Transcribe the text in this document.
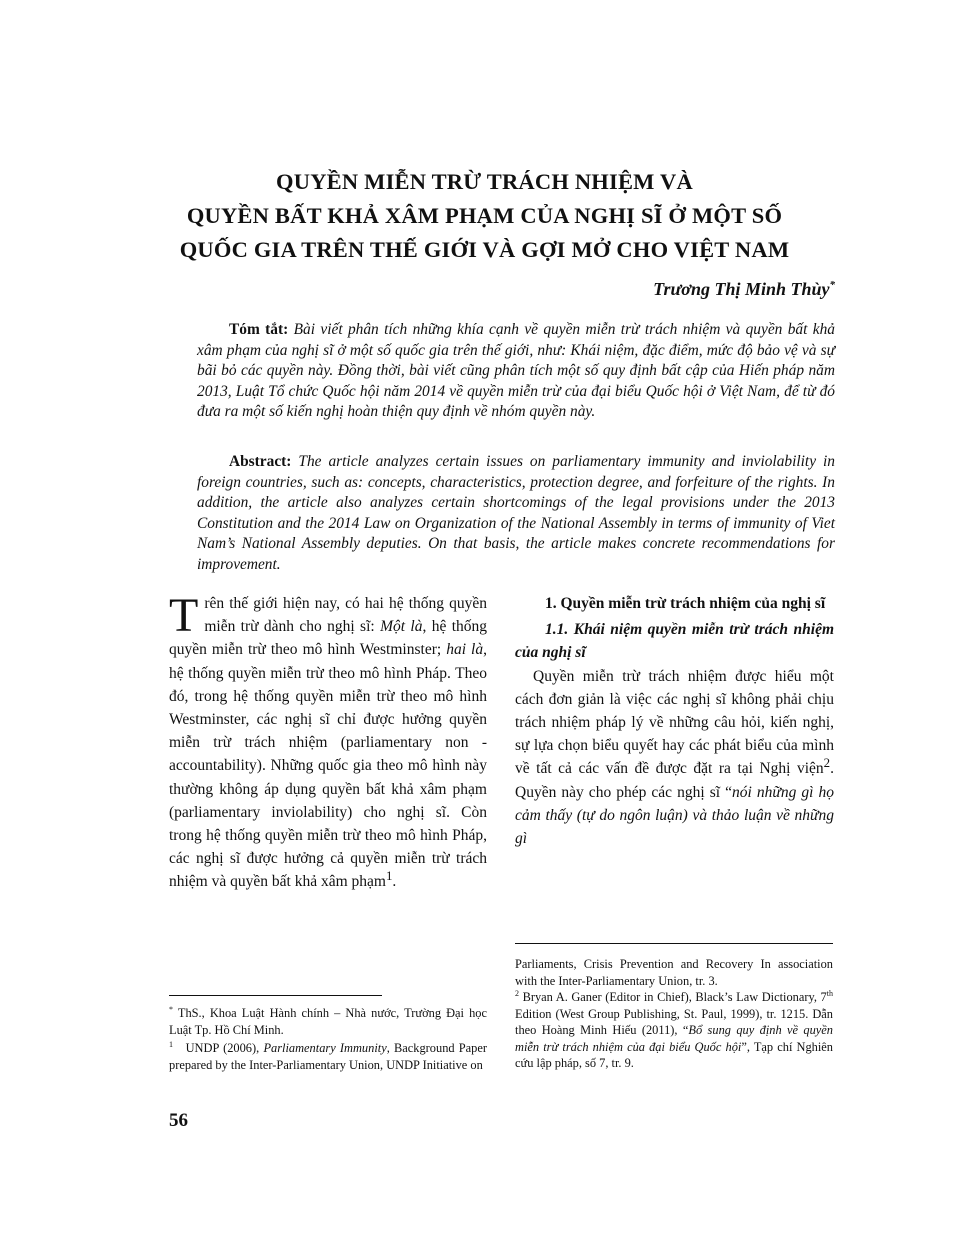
QUYỀN MIỄN TRỪ TRÁCH NHIỆM VÀ
QUYỀN BẤT KHẢ XÂM PHẠM CỦA NGHỊ SĨ Ở MỘT SỐ
QUỐC GIA TRÊN THẾ GIỚI VÀ GỢI MỞ CHO VIỆT NAM
Trương Thị Minh Thùy*

Tóm tắt: Bài viết phân tích những khía cạnh về quyền miễn trừ trách nhiệm và quyền bất khả xâm phạm của nghị sĩ ở một số quốc gia trên thế giới, như: Khái niệm, đặc điểm, mức độ bảo vệ và sự bãi bỏ các quyền này. Đồng thời, bài viết cũng phân tích một số quy định bất cập của Hiến pháp năm 2013, Luật Tổ chức Quốc hội năm 2014 về quyền miễn trừ của đại biểu Quốc hội ở Việt Nam, để từ đó đưa ra một số kiến nghị hoàn thiện quy định về nhóm quyền này.

Abstract: The article analyzes certain issues on parliamentary immunity and inviolability in foreign countries, such as: concepts, characteristics, protection degree, and forfeiture of the rights. In addition, the article also analyzes certain shortcomings of the legal provisions under the 2013 Constitution and the 2014 Law on Organization of the National Assembly in terms of immunity of Viet Nam’s National Assembly deputies. On that basis, the article makes concrete recommendations for improvement.

Trên thế giới hiện nay, có hai hệ thống quyền miễn trừ dành cho nghị sĩ: Một là, hệ thống quyền miễn trừ theo mô hình Westminster; hai là, hệ thống quyền miễn trừ theo mô hình Pháp. Theo đó, trong hệ thống quyền miễn trừ theo mô hình Westminster, các nghị sĩ chỉ được hưởng quyền miễn trừ trách nhiệm (parliamentary non - accountability). Những quốc gia theo mô hình này thường không áp dụng quyền bất khả xâm phạm (parliamentary inviolability) cho nghị sĩ. Còn trong hệ thống quyền miễn trừ theo mô hình Pháp, các nghị sĩ được hưởng cả quyền miễn trừ trách nhiệm và quyền bất khả xâm phạm$^1$.

1. Quyền miễn trừ trách nhiệm của nghị sĩ

1.1. Khái niệm quyền miễn trừ trách nhiệm của nghị sĩ

Quyền miễn trừ trách nhiệm được hiểu một cách đơn giản là việc các nghị sĩ không phải chịu trách nhiệm pháp lý về những câu hỏi, kiến nghị, sự lựa chọn biểu quyết hay các phát biểu của mình về tất cả các vấn đề được đặt ra tại Nghị viện$^2$. Quyền này cho phép các nghị sĩ “nói những gì họ cảm thấy (tự do ngôn luận) và thảo luận về những gì

* ThS., Khoa Luật Hành chính – Nhà nước, Trường Đại học Luật Tp. Hồ Chí Minh.

$^1$ UNDP (2006), Parliamentary Immunity, Background Paper prepared by the Inter-Parliamentary Union, UNDP Initiative on

Parliaments, Crisis Prevention and Recovery In association with the Inter-Parliamentary Union, tr. 3.

$^2$ Bryan A. Ganer (Editor in Chief), Black’s Law Dictionary, 7th Edition (West Group Publishing, St. Paul, 1999), tr. 1215. Dẫn theo Hoàng Minh Hiếu (2011), “Bổ sung quy định về quyền miễn trừ trách nhiệm của đại biểu Quốc hội”, Tạp chí Nghiên cứu lập pháp, số 7, tr. 9.

56
